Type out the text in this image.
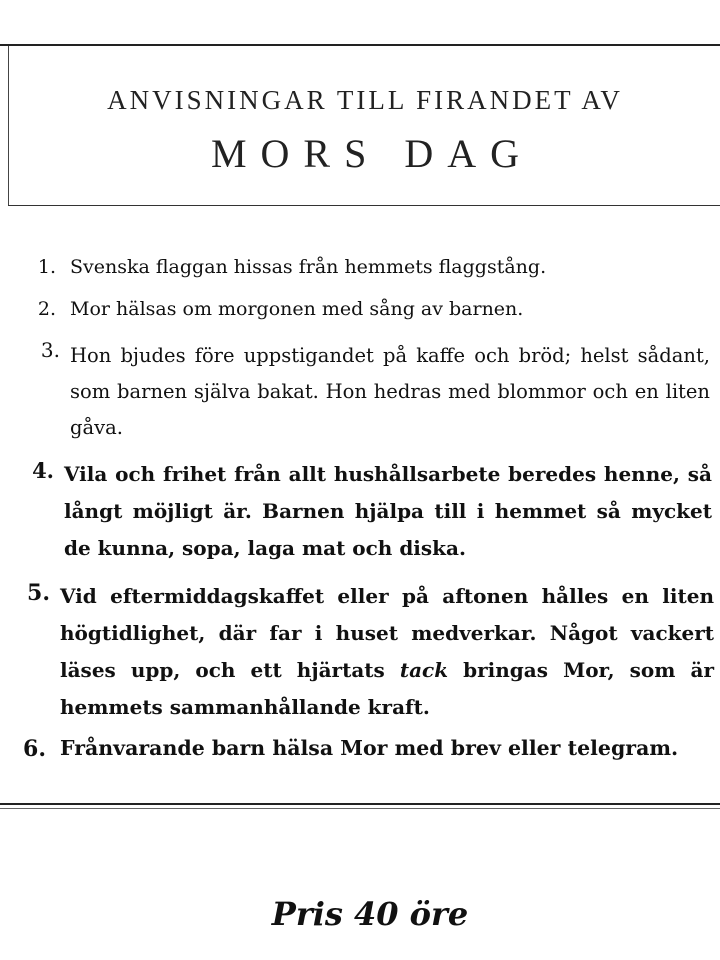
ANVISNINGAR TILL FIRANDET AV

MORS DAG

1. Svenska flaggan hissas från hemmets flaggstång.
2. Mor hälsas om morgonen med sång av barnen.
3. Hon bjudes före uppstigandet på kaffe och bröd; helst sådant, som barnen själva bakat. Hon hedras med blommor och en liten gåva.
4. Vila och frihet från allt hushållsarbete beredes henne, så långt möjligt är. Barnen hjälpa till i hemmet så mycket de kunna, sopa, laga mat och diska.
5. Vid eftermiddagskaffet eller på aftonen hålles en liten högtidlighet, där far i huset medverkar. Något vackert läses upp, och ett hjärtats tack bringas Mor, som är hemmets sammanhållande kraft.
6. Frånvarande barn hälsa Mor med brev eller telegram.
Pris 40 öre
